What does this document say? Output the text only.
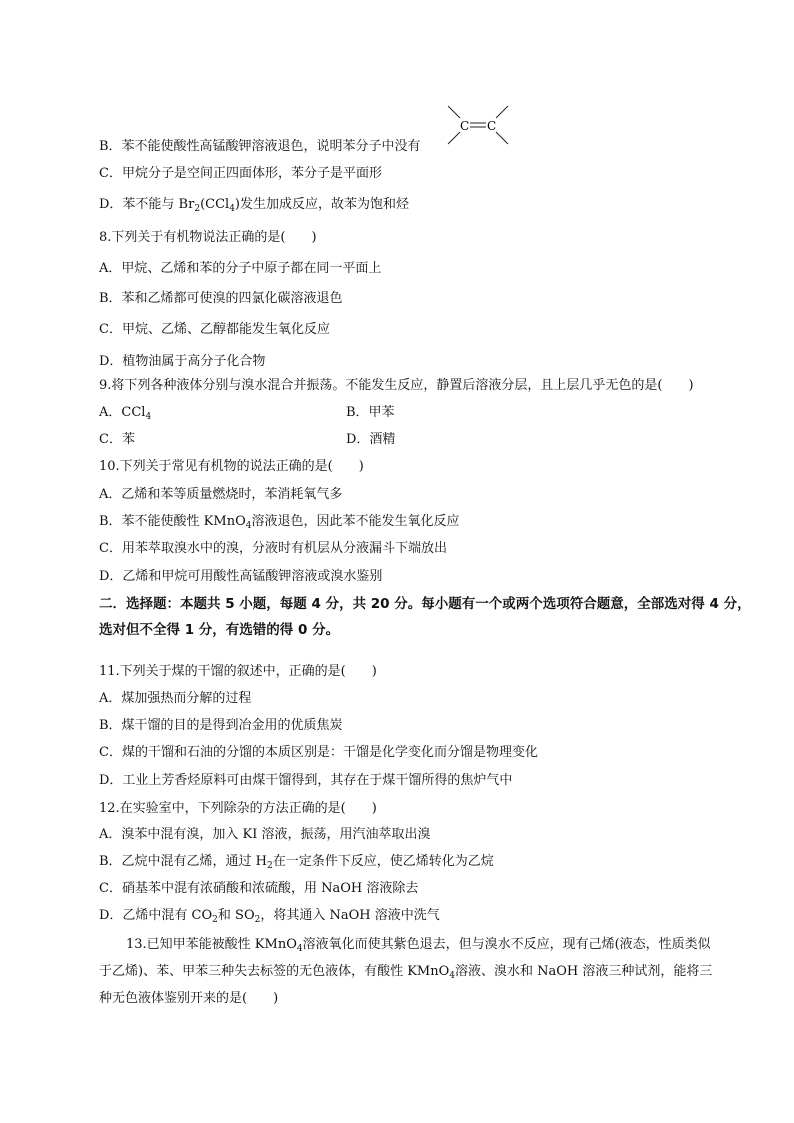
B．苯不能使酸性高锰酸钾溶液退色，说明苯分子中没有
C C
C．甲烷分子是空间正四面体形，苯分子是平面形
D．苯不能与 $Br_2(CCl_4)$发生加成反应，故苯为饱和烃
8.下列关于有机物说法正确的是(　　)
A．甲烷、乙烯和苯的分子中原子都在同一平面上
B．苯和乙烯都可使溴的四氯化碳溶液退色
C．甲烷、乙烯、乙醇都能发生氧化反应
D．植物油属于高分子化合物
9.将下列各种液体分别与溴水混合并振荡。不能发生反应，静置后溶液分层，且上层几乎无色的是(　　)
A．CCl$_4$	B．甲苯
C．苯	D．酒精
10.下列关于常见有机物的说法正确的是(　　)
A．乙烯和苯等质量燃烧时，苯消耗氧气多
B．苯不能使酸性 KMnO$_4$溶液退色，因此苯不能发生氧化反应
C．用苯萃取溴水中的溴，分液时有机层从分液漏斗下端放出
D．乙烯和甲烷可用酸性高锰酸钾溶液或溴水鉴别
二．选择题：本题共 5 小题，每题 4 分，共 20 分。每小题有一个或两个选项符合题意，全部选对得 4 分，
选对但不全得 1 分，有选错的得 0 分。
11.下列关于煤的干馏的叙述中，正确的是(　　)
A．煤加强热而分解的过程
B．煤干馏的目的是得到冶金用的优质焦炭
C．煤的干馏和石油的分馏的本质区别是：干馏是化学变化而分馏是物理变化
D．工业上芳香烃原料可由煤干馏得到，其存在于煤干馏所得的焦炉气中
12.在实验室中，下列除杂的方法正确的是(　　)
A．溴苯中混有溴，加入 KI 溶液，振荡，用汽油萃取出溴
B．乙烷中混有乙烯，通过 $H_2$在一定条件下反应，使乙烯转化为乙烷
C．硝基苯中混有浓硝酸和浓硫酸，用 NaOH 溶液除去
D．乙烯中混有 $CO_2$和 $SO_2$，将其通入 NaOH 溶液中洗气
13.已知甲苯能被酸性 KMnO$_4$溶液氧化而使其紫色退去，但与溴水不反应，现有己烯(液态，性质类似
于乙烯)、苯、甲苯三种失去标签的无色液体，有酸性 KMnO$_4$溶液、溴水和 NaOH 溶液三种试剂，能将三
种无色液体鉴别开来的是(　　)
